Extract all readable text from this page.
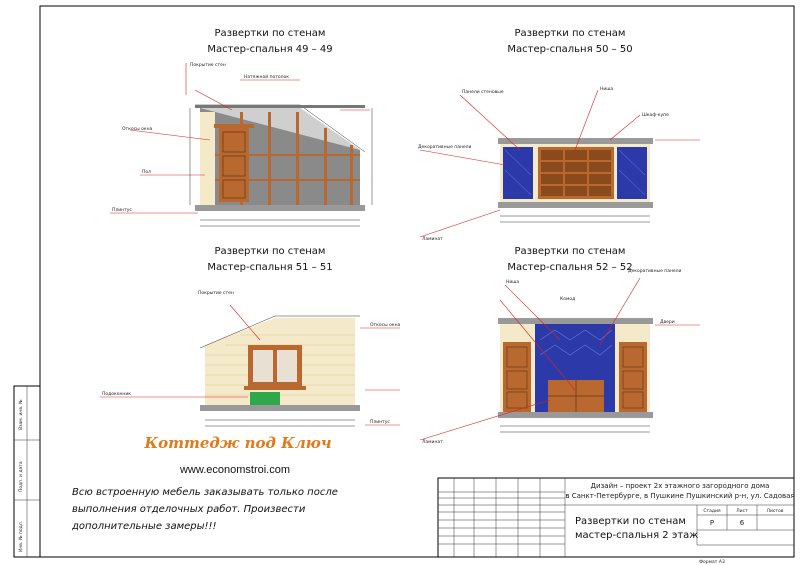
Взам. инв. №
Подп. и дата
Инв. № подл.
Развертки по стенам
Мастер-спальня 49 – 49
Покрытие стен
Натяжной потолок
Откосы окна
Пол
Плинтус
Развертки по стенам
Мастер-спальня 50 – 50
Панели стеновые
Ниша
Шкаф-купе
Декоративные панели
Ламинат
Развертки по стенам
Мастер-спальня 51 – 51
Покрытие стен
Откосы окна
Подоконник
Плинтус
Развертки по стенам
Мастер-спальня 52 – 52
Ниша
Декоративные панели
Двери
Ламинат
Комод
Коттедж под Ключ
www.economstroi.com
Всю встроенную мебель заказывать только после
выполнения отделочных работ. Произвести
дополнительные замеры!!!
Дизайн – проект 2х этажного загородного дома
в Санкт-Петербурге, в Пушкине Пушкинский р-н, ул. Садовая
Развертки по стенам
мастер-спальня 2 этаж
Стадия	Лист	Листов
Р	6
Формат А3
